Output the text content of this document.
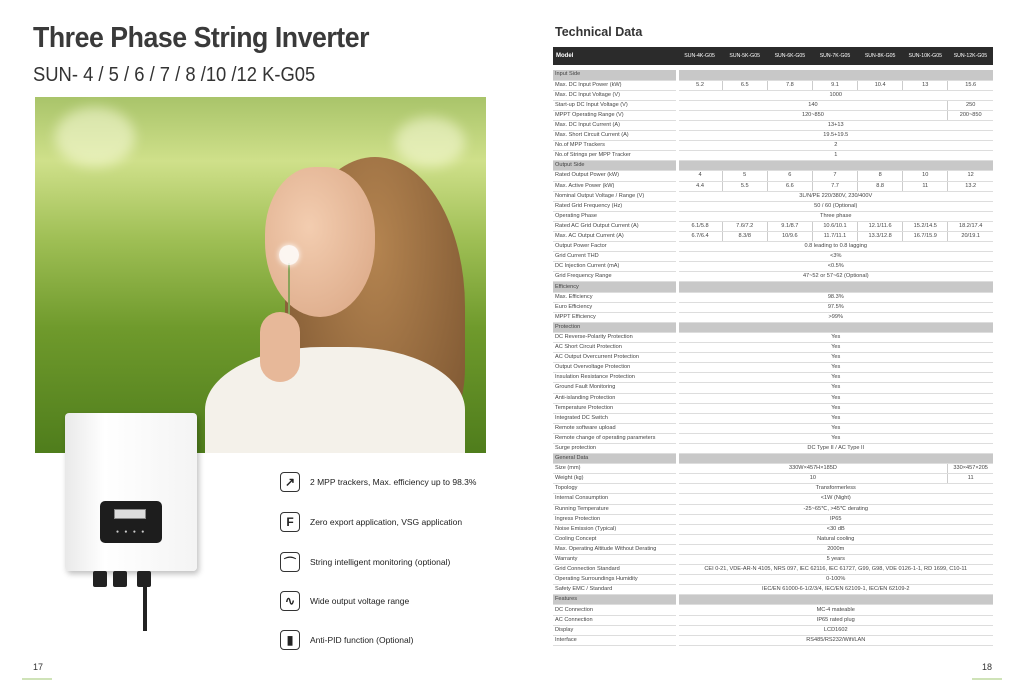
Three Phase String Inverter
SUN- 4 / 5 / 6 / 7 / 8 /10 /12 K-G05
● ● ● ●
↗	2 MPP trackers, Max. efficiency up to 98.3%
F	Zero export application, VSG application
⌒	String intelligent monitoring (optional)
∿	Wide output voltage range
▮	Anti-PID function (Optional)
17	18
Technical Data
Model	SUN-4K-G05	SUN-5K-G05	SUN-6K-G05	SUN-7K-G05	SUN-8K-G05	SUN-10K-G05	SUN-12K-G05

Input Side							
Max. DC Input Power (kW)	5.2	6.5	7.8	9.1	10.4	13	15.6
Max. DC Input Voltage (V)	1000						
Start-up DC Input Voltage (V)	140						250
MPPT Operating Range (V)	120~850						200~850
Max. DC Input Current (A)	13+13						
Max. Short Circuit Current (A)	19.5+19.5						
No.of MPP Trackers	2						
No.of Strings per MPP Tracker	1						
Output Side							
Rated Output Power (kW)	4	5	6	7	8	10	12
Max. Active Power (kW)	4.4	5.5	6.6	7.7	8.8	11	13.2
Nominal Output Voltage / Range (V)	3L/N/PE 220/380V, 230/400V						
Rated Grid Frequency (Hz)	50 / 60 (Optional)						
Operating Phase	Three phase						
Rated AC Grid Output Current (A)	6.1/5.8	7.6/7.2	9.1/8.7	10.6/10.1	12.1/11.6	15.2/14.5	18.2/17.4
Max. AC Output Current (A)	6.7/6.4	8.3/8	10/9.6	11.7/11.1	13.3/12.8	16.7/15.9	20/19.1
Output Power Factor	0.8 leading to 0.8 lagging						
Grid Current THD	<3%						
DC Injection Current (mA)	<0.5%						
Grid Frequency Range	47~52 or 57~62 (Optional)						
Efficiency							
Max. Efficiency	98.3%						
Euro Efficiency	97.5%						
MPPT Efficiency	>99%						
Protection							
DC Reverse-Polarity Protection	Yes						
AC Short Circuit Protection	Yes						
AC Output Overcurrent Protection	Yes						
Output Overvoltage Protection	Yes						
Insulation Resistance Protection	Yes						
Ground Fault Monitoring	Yes						
Anti-islanding Protection	Yes						
Temperature Protection	Yes						
Integrated DC Switch	Yes						
Remote software upload	Yes						
Remote change of operating parameters	Yes						
Surge protection	DC Type II / AC Type II						
General Data							
Size (mm)	330W×457H×185D						330×457×205
Weight (kg)	10						11
Topology	Transformerless						
Internal Consumption	<1W (Night)						
Running Temperature	-25~65℃, >45℃ derating						
Ingress Protection	IP65						
Noise Emission (Typical)	<30 dB						
Cooling Concept	Natural cooling						
Max. Operating Altitude Without Derating	2000m						
Warranty	5 years						
Grid Connection Standard	CEI 0-21, VDE-AR-N 4105, NRS 097, IEC 62116, IEC 61727, G99, G98, VDE 0126-1-1, RD 1699, C10-11						
Operating Surroundings Humidity	0-100%						
Safety EMC / Standard	IEC/EN 61000-6-1/2/3/4, IEC/EN 62109-1, IEC/EN 62109-2						
Features							
DC Connection	MC-4 mateable						
AC Connection	IP65 rated plug						
Display	LCD1602						
Interface	RS485/RS232/Wifi/LAN						
